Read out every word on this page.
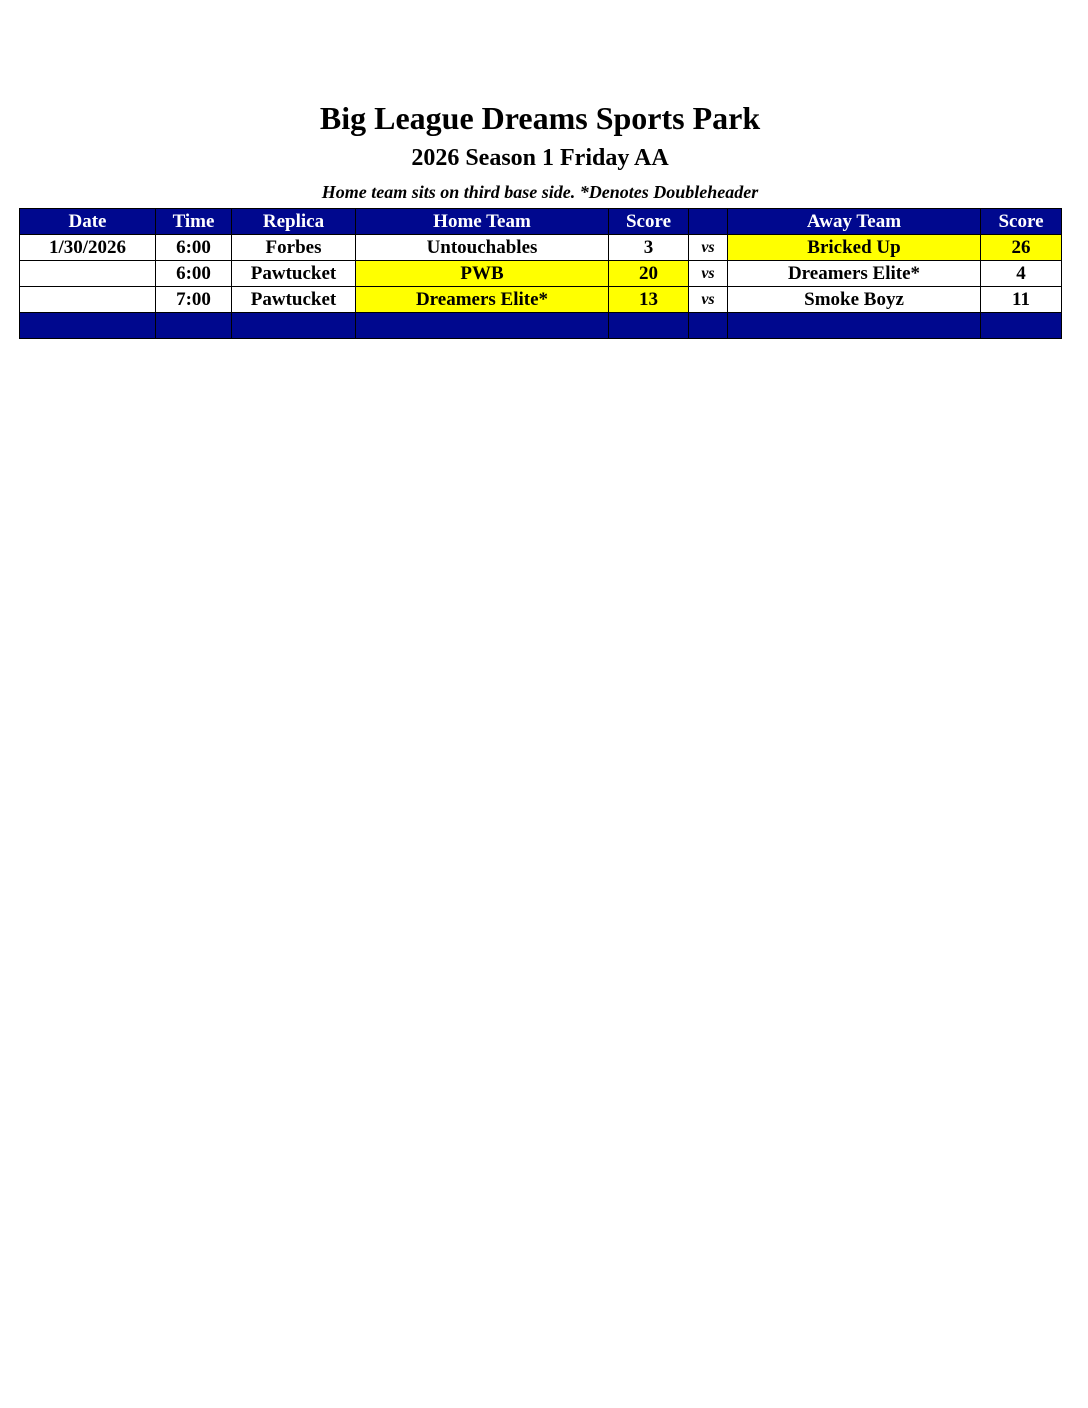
Big League Dreams Sports Park
2026 Season 1 Friday AA
Home team sits on third base side. *Denotes Doubleheader
Date	Time	Replica	Home Team	Score		Away Team	Score
1/30/2026	6:00	Forbes	Untouchables	3	vs	Bricked Up	26
	6:00	Pawtucket	PWB	20	vs	Dreamers Elite*	4
	7:00	Pawtucket	Dreamers Elite*	13	vs	Smoke Boyz	11
